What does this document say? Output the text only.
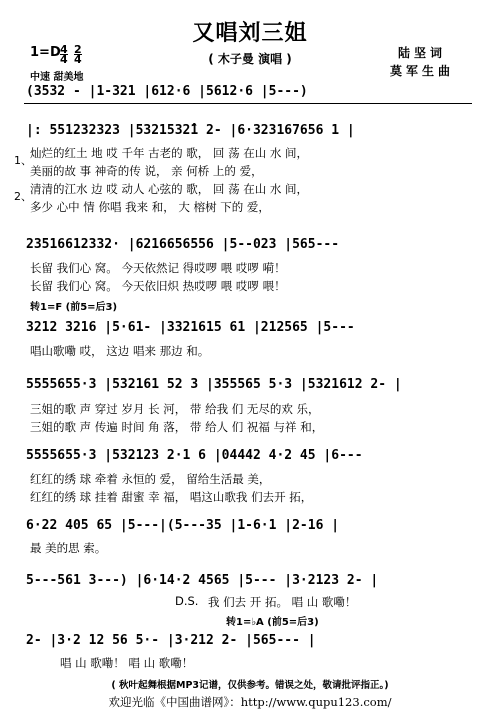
又唱刘三姐
( 木子曼 演唱 )	陆坚词
莫军生曲
1=D 4
4
2
4
中速 甜美地
(3532 - |1-321 |612·6 |5612·6 |5---)
|: 551232323 |5321532̂1 2- |6·323167656 1 |
1、
2、
灿烂的红土 地 哎 千年 古老的 歌， 回 荡 在山 水 间，
美丽的故 事 神奇的传 说， 亲 何桥 上的 爱，
清清的江水 边 哎 动人 心弦的 歌， 回 荡 在山 水 间，
多少 心中 情 你唱 我来 和， 大 榕树 下的 爱，
23516612332· |6216656556 |5--023 |565---
长留 我们心 窝。 今天依然记 得哎啰 喂 哎啰 嗬！
长留 我们心 窝。 今天依旧炽 热哎啰 喂 哎啰 喂！
转1=F (前5=后3)
3212 3216 |5·61- |3321615 61 |212565 |5---
唱山歌嘞 哎， 这边 唱来 那边 和。
5555655·3 |532161 52 3 |355565 5·3 |5321612 2- |
三姐的歌 声 穿过 岁月 长 河， 带 给我 们 无尽的欢 乐，
三姐的歌 声 传遍 时间 角 落， 带 给人 们 祝福 与祥 和，
5555655·3 |532123 2·1 6 |04442 4·2 45 |6---
红红的绣 球 牵着 永恒的 爱， 留给生活最 美，
红红的绣 球 挂着 甜蜜 幸 福， 唱这山歌我 们去开 拓，
6·22 405 65 |5---|(5---35 |1-6·1 |2-16 |
最 美的思 索。
5---561 3---) |6·14·2 4565 |5--- |3·2123 2- |
D.S. 我 们去 开 拓。 唱 山 歌嘞！
转1=♭A (前5=后3)
2- |3·2 12 56 5·- |3·212 2- |565--- |
唱 山 歌嘞！ 唱 山 歌嘞！
( 秋叶起舞根据MP3记谱，仅供参考。错误之处，敬请批评指正。)
欢迎光临《中国曲谱网》：http://www.qupu123.com/
